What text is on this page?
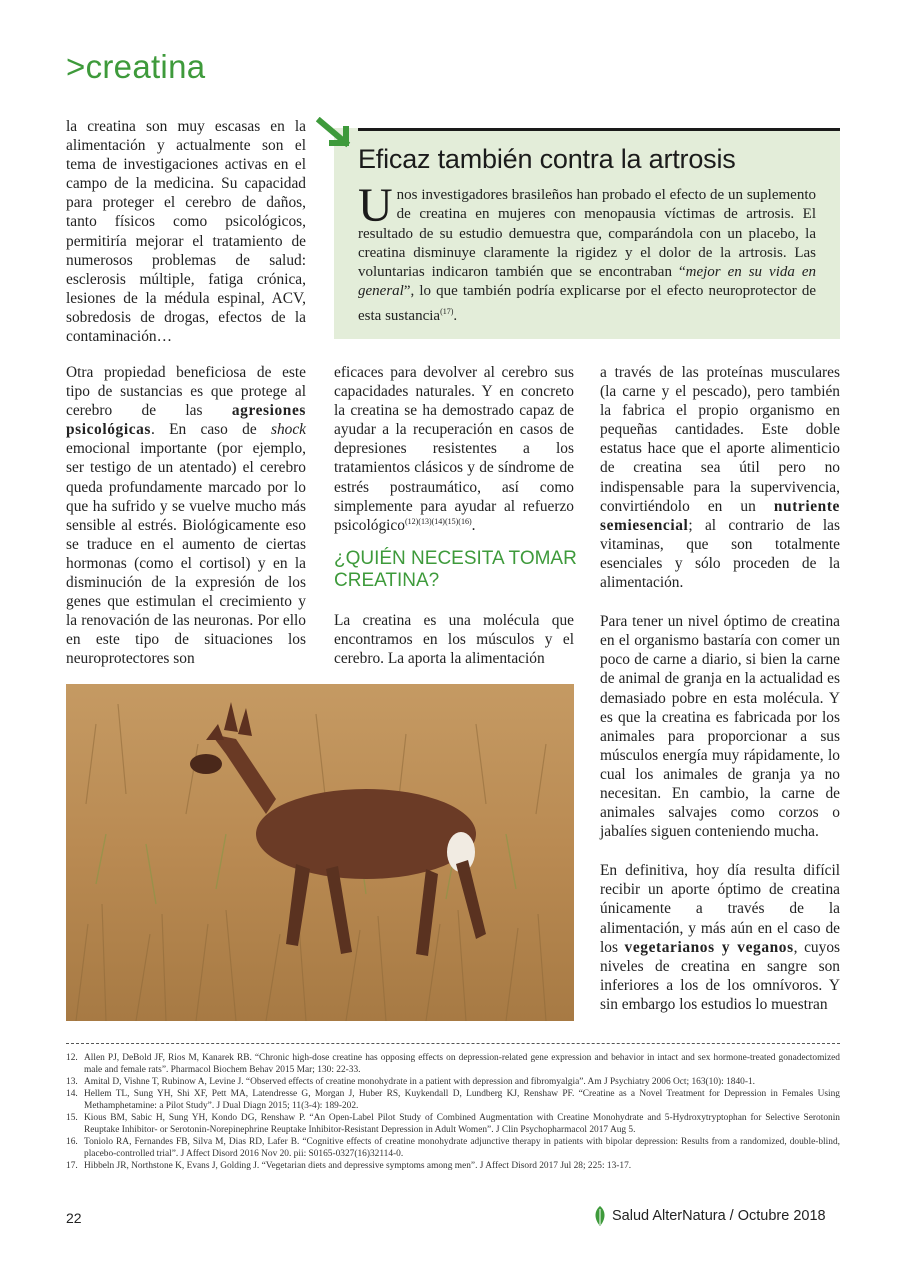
>creatina

la creatina son muy escasas en la alimentación y actualmente son el tema de investigaciones activas en el campo de la medicina. Su capacidad para proteger el cerebro de daños, tanto físicos como psicológicos, permitiría mejorar el tratamiento de numerosos problemas de salud: esclerosis múltiple, fatiga crónica, lesiones de la médula espinal, ACV, sobredosis de drogas, efectos de la contaminación…

Eficaz también contra la artrosis
Unos investigadores brasileños han probado el efecto de un suplemento de creatina en mujeres con menopausia víctimas de artrosis. El resultado de su estudio demuestra que, comparándola con un placebo, la creatina disminuye claramente la rigidez y el dolor de la artrosis. Las voluntarias indicaron también que se encontraban “mejor en su vida en general”, lo que también podría explicarse por el efecto neuroprotector de esta sustancia$^{(17)}$.

Otra propiedad beneficiosa de este tipo de sustancias es que protege al cerebro de las agresiones psicológicas. En caso de shock emocional importante (por ejemplo, ser testigo de un atentado) el cerebro queda profundamente marcado por lo que ha sufrido y se vuelve mucho más sensible al estrés. Biológicamente eso se traduce en el aumento de ciertas hormonas (como el cortisol) y en la disminución de la expresión de los genes que estimulan el crecimiento y la renovación de las neuronas. Por ello en este tipo de situaciones los neuroprotectores son

eficaces para devolver al cerebro sus capacidades naturales. Y en concreto la creatina se ha demostrado capaz de ayudar a la recuperación en casos de depresiones resistentes a los tratamientos clásicos y de síndrome de estrés postraumático, así como simplemente para ayudar al refuerzo psicológico$^{(12)(13)(14)(15)(16)}$.

¿QUIÉN NECESITA TOMAR CREATINA?

La creatina es una molécula que encontramos en los músculos y el cerebro. La aporta la alimentación

a través de las proteínas musculares (la carne y el pescado), pero también la fabrica el propio organismo en pequeñas cantidades. Este doble estatus hace que el aporte alimenticio de creatina sea útil pero no indispensable para la supervivencia, convirtiéndolo en un nutriente semiesencial; al contrario de las vitaminas, que son totalmente esenciales y sólo proceden de la alimentación.

Para tener un nivel óptimo de creatina en el organismo bastaría con comer un poco de carne a diario, si bien la carne de animal de granja en la actualidad es demasiado pobre en esta molécula. Y es que la creatina es fabricada por los animales para proporcionar a sus músculos energía muy rápidamente, lo cual los animales de granja ya no necesitan. En cambio, la carne de animales salvajes como corzos o jabalíes siguen conteniendo mucha.

En definitiva, hoy día resulta difícil recibir un aporte óptimo de creatina únicamente a través de la alimentación, y más aún en el caso de los vegetarianos y veganos, cuyos niveles de creatina en sangre son inferiores a los de los omnívoros. Y sin embargo los estudios lo muestran

12. Allen PJ, DeBold JF, Rios M, Kanarek RB. “Chronic high-dose creatine has opposing effects on depression-related gene expression and behavior in intact and sex hormone-treated gonadectomized male and female rats”. Pharmacol Biochem Behav 2015 Mar; 130: 22-33.
13. Amital D, Vishne T, Rubinow A, Levine J. “Observed effects of creatine monohydrate in a patient with depression and fibromyalgia”. Am J Psychiatry 2006 Oct; 163(10): 1840-1.
14. Hellem TL, Sung YH, Shi XF, Pett MA, Latendresse G, Morgan J, Huber RS, Kuykendall D, Lundberg KJ, Renshaw PF. “Creatine as a Novel Treatment for Depression in Females Using Methamphetamine: a Pilot Study”. J Dual Diagn 2015; 11(3-4): 189-202.
15. Kious BM, Sabic H, Sung YH, Kondo DG, Renshaw P. “An Open-Label Pilot Study of Combined Augmentation with Creatine Monohydrate and 5-Hydroxytryptophan for Selective Serotonin Reuptake Inhibitor- or Serotonin-Norepinephrine Reuptake Inhibitor-Resistant Depression in Adult Women”. J Clin Psychopharmacol 2017 Aug 5.
16. Toniolo RA, Fernandes FB, Silva M, Dias RD, Lafer B. “Cognitive effects of creatine monohydrate adjunctive therapy in patients with bipolar depression: Results from a randomized, double-blind, placebo-controlled trial”. J Affect Disord 2016 Nov 20. pii: S0165-0327(16)32114-0.
17. Hibbeln JR, Northstone K, Evans J, Golding J. “Vegetarian diets and depressive symptoms among men”. J Affect Disord 2017 Jul 28; 225: 13-17.
22	Salud AlterNatura / Octubre 2018
